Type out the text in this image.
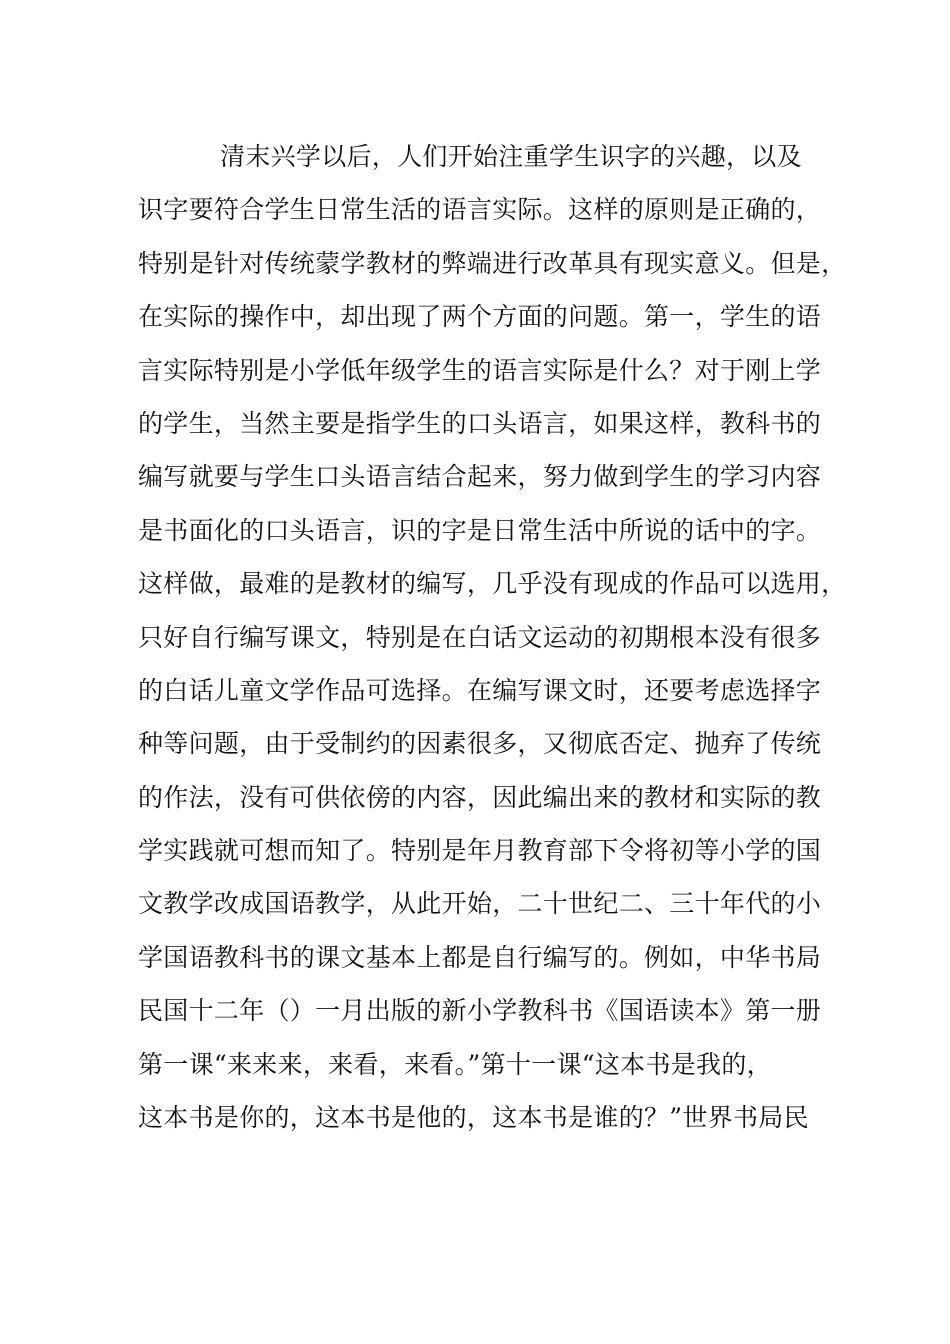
清末兴学以后，人们开始注重学生识字的兴趣，以及
识字要符合学生日常生活的语言实际。这样的原则是正确的，
特别是针对传统蒙学教材的弊端进行改革具有现实意义。但是，
在实际的操作中，却出现了两个方面的问题。第一，学生的语
言实际特别是小学低年级学生的语言实际是什么？对于刚上学
的学生，当然主要是指学生的口头语言，如果这样，教科书的
编写就要与学生口头语言结合起来，努力做到学生的学习内容
是书面化的口头语言，识的字是日常生活中所说的话中的字。
这样做，最难的是教材的编写，几乎没有现成的作品可以选用，
只好自行编写课文，特别是在白话文运动的初期根本没有很多
的白话儿童文学作品可选择。在编写课文时，还要考虑选择字
种等问题，由于受制约的因素很多，又彻底否定、抛弃了传统
的作法，没有可供依傍的内容，因此编出来的教材和实际的教
学实践就可想而知了。特别是年月教育部下令将初等小学的国
文教学改成国语教学，从此开始，二十世纪二、三十年代的小
学国语教科书的课文基本上都是自行编写的。例如，中华书局
民国十二年（）一月出版的新小学教科书《国语读本》第一册
第一课“来来来，来看，来看。”第十一课“这本书是我的，
这本书是你的，这本书是他的，这本书是谁的？”世界书局民
